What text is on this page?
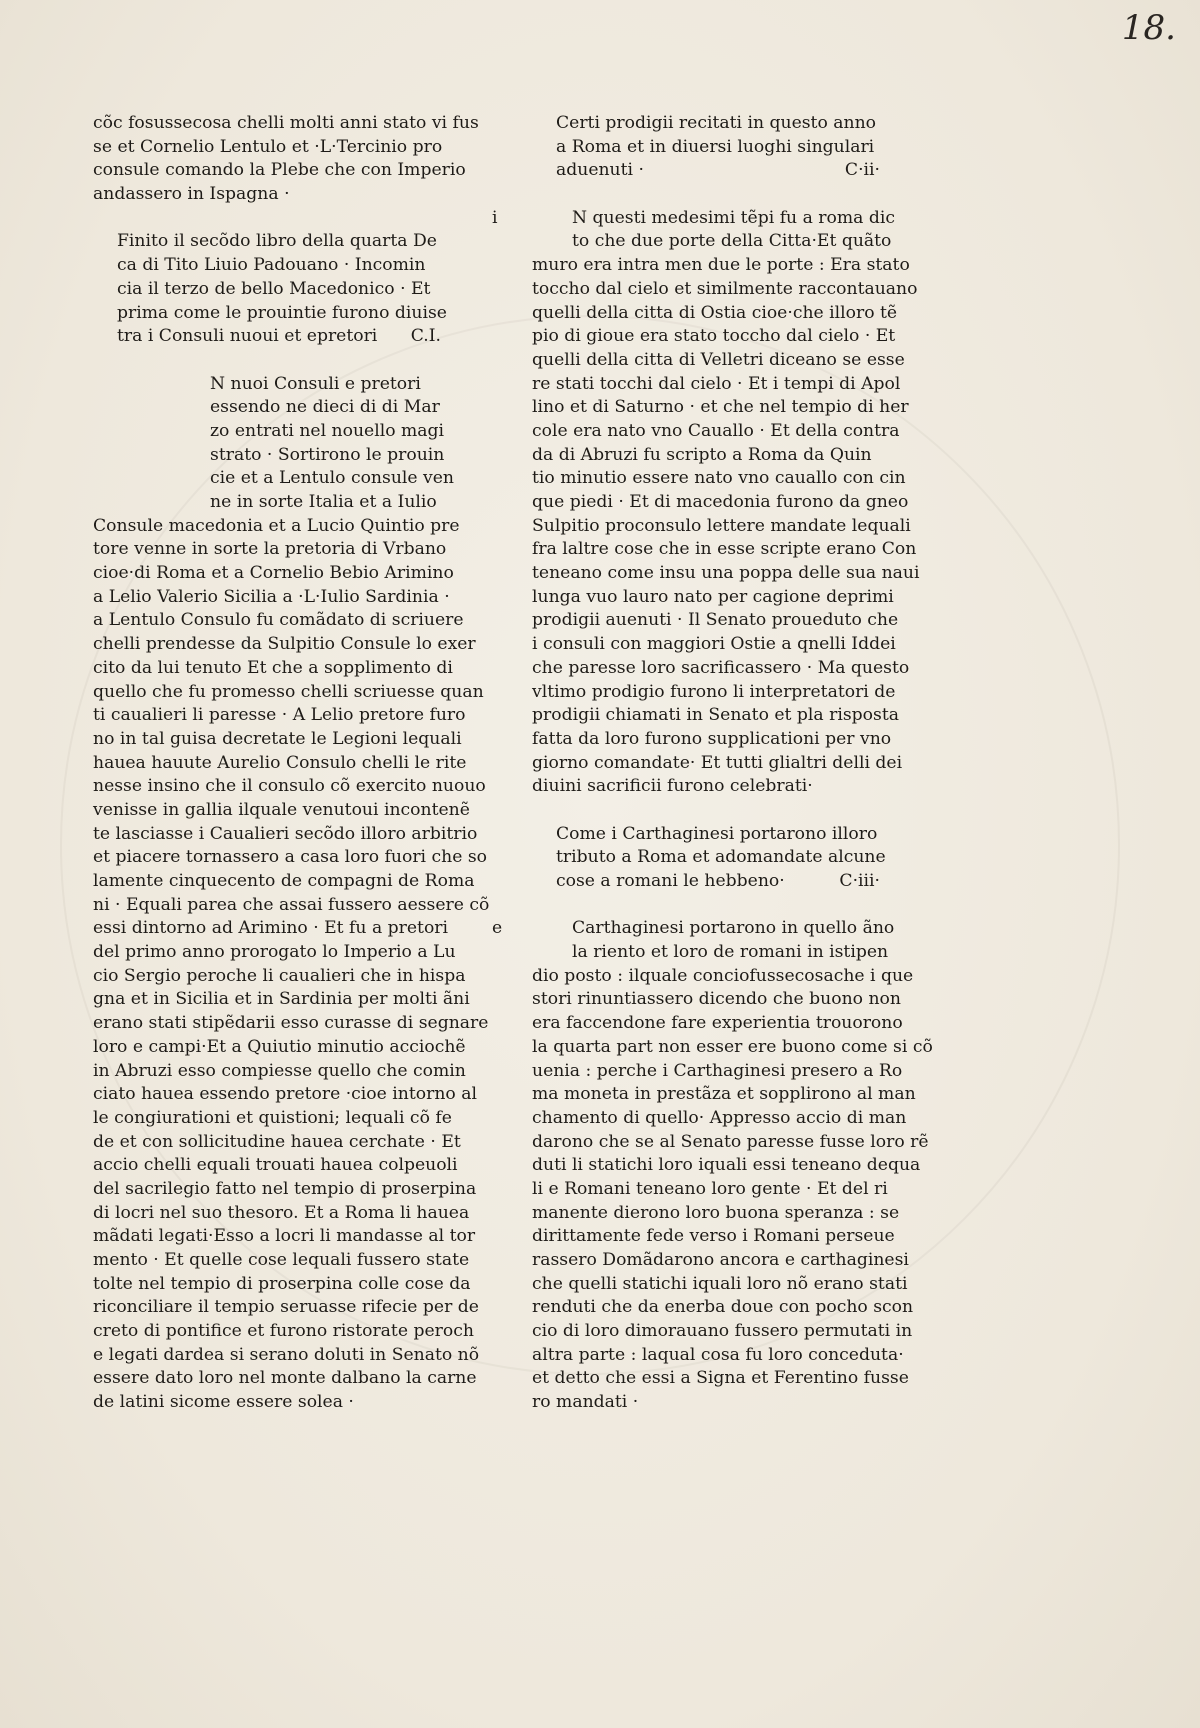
18.
cõc fosussecosa chelli molti anni stato vi fus
se et Cornelio Lentulo et ·L·Tercinio pro
consule comando la Plebe che con Imperio
andassero in Ispagna ·
Finito il secõdo libro della quarta De
ca di Tito Liuio Padouano · Incomin
cia il terzo de bello Macedonico · Et
prima come le prouintie furono diuise
tra i Consuli nuoui et epretori C.I.
N nuoi Consuli e pretori
essendo ne dieci di di Mar
zo entrati nel nouello magi
strato · Sortirono le prouin
cie et a Lentulo consule ven
ne in sorte Italia et a Iulio
Consule macedonia et a Lucio Quintio pre
tore venne in sorte la pretoria di Vrbano
cioe·di Roma et a Cornelio Bebio Arimino
a Lelio Valerio Sicilia a ·L·Iulio Sardinia ·
a Lentulo Consulo fu comãdato di scriuere
chelli prendesse da Sulpitio Consule lo exer
cito da lui tenuto Et che a sopplimento di
quello che fu promesso chelli scriuesse quan
ti caualieri li paresse · A Lelio pretore furo
no in tal guisa decretate le Legioni lequali
hauea hauute Aurelio Consulo chelli le rite
nesse insino che il consulo cõ exercito nuouo
venisse in gallia ilquale venutoui incontenẽ
te lasciasse i Caualieri secõdo illoro arbitrio
et piacere tornassero a casa loro fuori che so
lamente cinquecento de compagni de Roma
ni · Equali parea che assai fussero aessere cõ
essi dintorno ad Arimino · Et fu a pretori
del primo anno prorogato lo Imperio a Lu
cio Sergio peroche li caualieri che in hispa
gna et in Sicilia et in Sardinia per molti ãni
erano stati stipẽdarii esso curasse di segnare
loro e campi·Et a Quiutio minutio acciochẽ
in Abruzi esso compiesse quello che comin
ciato hauea essendo pretore ·cioe intorno al
le congiurationi et quistioni; lequali cõ fe
de et con sollicitudine hauea cerchate · Et
accio chelli equali trouati hauea colpeuoli
del sacrilegio fatto nel tempio di proserpina
di locri nel suo thesoro. Et a Roma li hauea
mãdati legati·Esso a locri li mandasse al tor
mento · Et quelle cose lequali fussero state
tolte nel tempio di proserpina colle cose da
riconciliare il tempio seruasse rifecie per de
creto di pontifice et furono ristorate peroch
e legati dardea si serano doluti in Senato nõ
essere dato loro nel monte dalbano la carne
de latini sicome essere solea ·
Certi prodigii recitati in questo anno
a Roma et in diuersi luoghi singulari
aduenuti ·	C·ii·
i	N questi medesimi tẽpi fu a roma dic
to che due porte della Citta·Et quãto
muro era intra men due le porte : Era stato
toccho dal cielo et similmente raccontauano
quelli della citta di Ostia cioe·che illoro tẽ
pio di gioue era stato toccho dal cielo · Et
quelli della citta di Velletri diceano se esse
re stati tocchi dal cielo · Et i tempi di Apol
lino et di Saturno · et che nel tempio di her
cole era nato vno Cauallo · Et della contra
da di Abruzi fu scripto a Roma da Quin
tio minutio essere nato vno cauallo con cin
que piedi · Et di macedonia furono da gneo
Sulpitio proconsulo lettere mandate lequali
fra laltre cose che in esse scripte erano Con
teneano come insu una poppa delle sua naui
lunga vuo lauro nato per cagione deprimi
prodigii auenuti · Il Senato proueduto che
i consuli con maggiori Ostie a qnelli Iddei
che paresse loro sacrificassero · Ma questo
vltimo prodigio furono li interpretatori de
prodigii chiamati in Senato et pla risposta
fatta da loro furono supplicationi per vno
giorno comandate· Et tutti glialtri delli dei
diuini sacrificii furono celebrati·
Come i Carthaginesi portarono illoro
tributo a Roma et adomandate alcune
cose a romani le hebbeno·	C·iii·
e	Carthaginesi portarono in quello ãno
la riento et loro de romani in istipen
dio posto : ilquale conciofussecosache i que
stori rinuntiassero dicendo che buono non
era faccendone fare experientia trouorono
la quarta part non esser ere buono come si cõ
uenia : perche i Carthaginesi presero a Ro
ma moneta in prestãza et sopplirono al man
chamento di quello· Appresso accio di man
darono che se al Senato paresse fusse loro rẽ
duti li statichi loro iquali essi teneano dequa
li e Romani teneano loro gente · Et del ri
manente dierono loro buona speranza : se
dirittamente fede verso i Romani perseue
rassero Domãdarono ancora e carthaginesi
che quelli statichi iquali loro nõ erano stati
renduti che da enerba doue con pocho scon
cio di loro dimorauano fussero permutati in
altra parte : laqual cosa fu loro conceduta·
et detto che essi a Signa et Ferentino fusse
ro mandati ·
